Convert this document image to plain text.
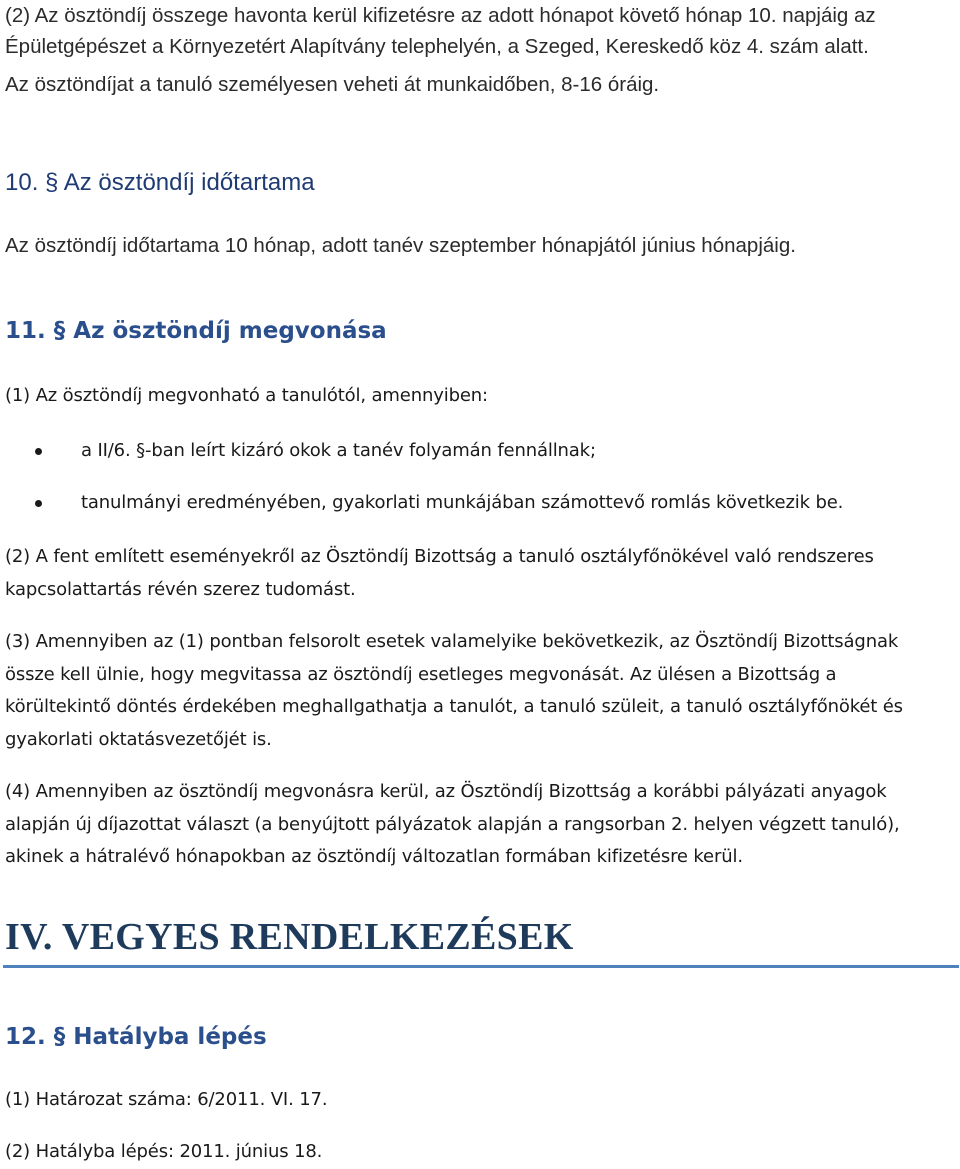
(2) Az ösztöndíj összege havonta kerül kifizetésre az adott hónapot követő hónap 10. napjáig az
Épületgépészet a Környezetért Alapítvány telephelyén, a Szeged, Kereskedő köz 4. szám alatt.
Az ösztöndíjat a tanuló személyesen veheti át munkaidőben, 8-16 óráig.
10. § Az ösztöndíj időtartama
Az ösztöndíj időtartama 10 hónap, adott tanév szeptember hónapjától június hónapjáig.
11. § Az ösztöndíj megvonása
(1) Az ösztöndíj megvonható a tanulótól, amennyiben:
a II/6. §-ban leírt kizáró okok a tanév folyamán fennállnak;
tanulmányi eredményében, gyakorlati munkájában számottevő romlás következik be.
(2) A fent említett eseményekről az Ösztöndíj Bizottság a tanuló osztályfőnökével való rendszeres
kapcsolattartás révén szerez tudomást.
(3) Amennyiben az (1) pontban felsorolt esetek valamelyike bekövetkezik, az Ösztöndíj Bizottságnak
össze kell ülnie, hogy megvitassa az ösztöndíj esetleges megvonását. Az ülésen a Bizottság a
körültekintő döntés érdekében meghallgathatja a tanulót, a tanuló szüleit, a tanuló osztályfőnökét és
gyakorlati oktatásvezetőjét is.
(4) Amennyiben az ösztöndíj megvonásra kerül, az Ösztöndíj Bizottság a korábbi pályázati anyagok
alapján új díjazottat választ (a benyújtott pályázatok alapján a rangsorban 2. helyen végzett tanuló),
akinek a hátralévő hónapokban az ösztöndíj változatlan formában kifizetésre kerül.
IV. VEGYES RENDELKEZÉSEK
12. § Hatályba lépés
(1) Határozat száma: 6/2011. VI. 17.
(2) Hatályba lépés: 2011. június 18.
